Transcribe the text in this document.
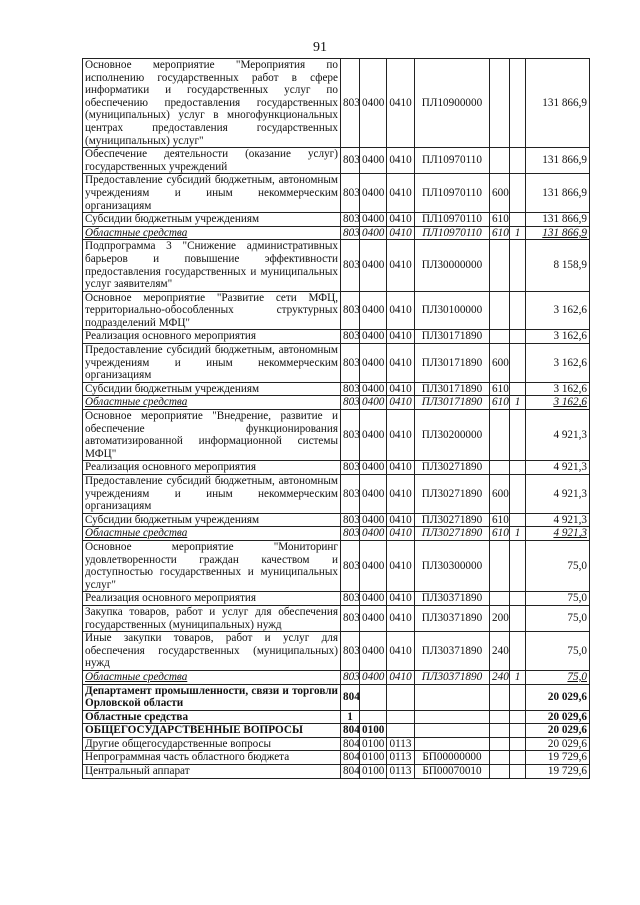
91
Основное мероприятие "Мероприятия по исполнению государственных работ в сфере информатики и государственных услуг по обеспечению предоставления государственных (муниципальных) услуг в многофункциональных центрах предоставления государственных (муниципальных) услуг"	803	0400	0410	ПЛ10900000			131 866,9
Обеспечение деятельности (оказание услуг) государственных учреждений	803	0400	0410	ПЛ10970110			131 866,9
Предоставление субсидий бюджетным, автономным учреждениям и иным некоммерческим организациям	803	0400	0410	ПЛ10970110	600		131 866,9
Субсидии бюджетным учреждениям	803	0400	0410	ПЛ10970110	610		131 866,9
Областные средства	803	0400	0410	ПЛ10970110	610	1	131 866,9
Подпрограмма 3 "Снижение административных барьеров и повышение эффективности предоставления государственных и муниципальных услуг заявителям"	803	0400	0410	ПЛ30000000			8 158,9
Основное мероприятие "Развитие сети МФЦ, территориально-обособленных структурных подразделений МФЦ"	803	0400	0410	ПЛ30100000			3 162,6
Реализация основного мероприятия	803	0400	0410	ПЛ30171890			3 162,6
Предоставление субсидий бюджетным, автономным учреждениям и иным некоммерческим организациям	803	0400	0410	ПЛ30171890	600		3 162,6
Субсидии бюджетным учреждениям	803	0400	0410	ПЛ30171890	610		3 162,6
Областные средства	803	0400	0410	ПЛ30171890	610	1	3 162,6
Основное мероприятие "Внедрение, развитие и обеспечение функционирования автоматизированной информационной системы МФЦ"	803	0400	0410	ПЛ30200000			4 921,3
Реализация основного мероприятия	803	0400	0410	ПЛ30271890			4 921,3
Предоставление субсидий бюджетным, автономным учреждениям и иным некоммерческим организациям	803	0400	0410	ПЛ30271890	600		4 921,3
Субсидии бюджетным учреждениям	803	0400	0410	ПЛ30271890	610		4 921,3
Областные средства	803	0400	0410	ПЛ30271890	610	1	4 921,3
Основное мероприятие "Мониторинг удовлетворенности граждан качеством и доступностью государственных и муниципальных услуг"	803	0400	0410	ПЛ30300000			75,0
Реализация основного мероприятия	803	0400	0410	ПЛ30371890			75,0
Закупка товаров, работ и услуг для обеспечения государственных (муниципальных) нужд	803	0400	0410	ПЛ30371890	200		75,0
Иные закупки товаров, работ и услуг для обеспечения государственных (муниципальных) нужд	803	0400	0410	ПЛ30371890	240		75,0
Областные средства	803	0400	0410	ПЛ30371890	240	1	75,0
Департамент промышленности, связи и торговли Орловской области	804						20 029,6
Областные средства	1						20 029,6
ОБЩЕГОСУДАРСТВЕННЫЕ ВОПРОСЫ	804	0100					20 029,6
Другие общегосударственные вопросы	804	0100	0113				20 029,6
Непрограммная часть областного бюджета	804	0100	0113	БП00000000			19 729,6
Центральный аппарат	804	0100	0113	БП00070010			19 729,6
